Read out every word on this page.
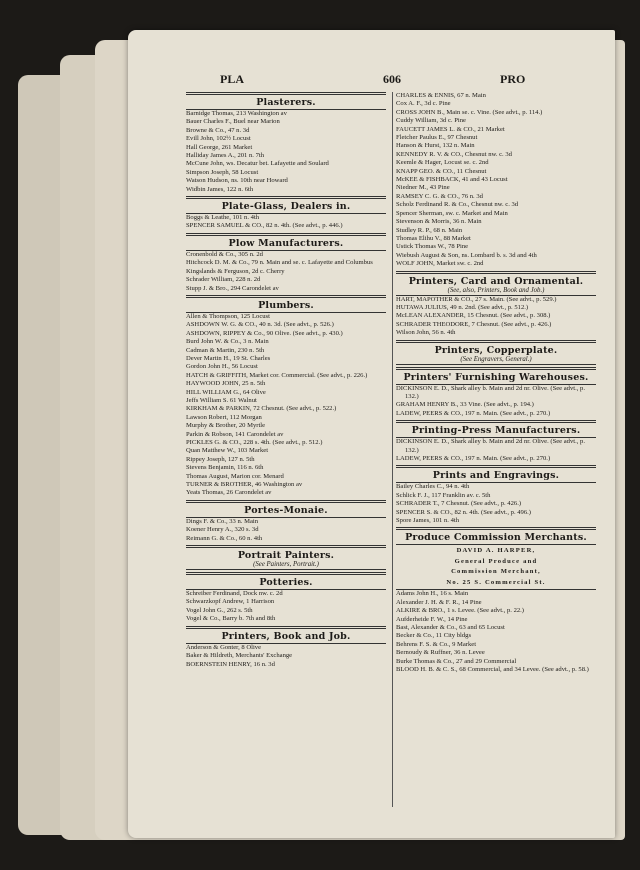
PLA	606	PRO
Plasterers.
Barnidge Thomas, 213 Washington av
Bauer Charles F., Buel near Marion
Browne & Co., 47 n. 3d
Evill John, 102½ Locust
Hall George, 261 Market
Halliday James A., 201 n. 7th
McCune John, ws. Decatur bet. Lafayette and Soulard
Simpson Joseph, 58 Locust
Watson Hudson, ns. 10th near Howard
Widbin James, 122 n. 6th
Plate-Glass, Dealers in.
Boggs & Leathe, 101 n. 4th
SPENCER SAMUEL & CO., 82 n. 4th. (See advt., p. 446.)
Plow Manufacturers.
Cronenbold & Co., 305 n. 2d
Hitchcock D. M. & Co., 79 n. Main and se. c. Lafayette and Columbus
Kingslands & Ferguson, 2d c. Cherry
Schrader William, 228 n. 2d
Stupp J. & Bro., 294 Carondelet av
Plumbers.
Allen & Thompson, 125 Locust
ASHDOWN W. G. & CO., 40 n. 3d. (See advt., p. 526.)
ASHDOWN, RIPPEY & Co., 90 Olive. (See advt., p. 430.)
Burd John W. & Co., 3 n. Main
Cadman & Martin, 230 n. 5th
Dever Martin H., 19 St. Charles
Gordon John H., 56 Locust
HATCH & GRIFFITH, Market cor. Commercial. (See advt., p. 226.)
HAYWOOD JOHN, 25 n. 5th
HILL WILLIAM G., 64 Olive
Jeffs William S. 61 Walnut
KIRKHAM & PARKIN, 72 Chesnut. (See advt., p. 522.)
Lawson Robert, 112 Morgan
Murphy & Brother, 20 Myrtle
Parkin & Robson, 141 Carondelet av
PICKLES G. & CO., 228 s. 4th. (See advt., p. 512.)
Quan Matthew W., 103 Market
Rippey Joseph, 127 n. 5th
Stevens Benjamin, 116 n. 6th
Thomas August, Marion cor. Menard
TURNER & BROTHER, 46 Washington av
Yeats Thomas, 26 Carondelet av
Portes-Monaie.
Dings F. & Co., 33 n. Main
Koener Henry A., 320 s. 3d
Reimann G. & Co., 60 n. 4th
Portrait Painters.
(See Painters, Portrait.)
Potteries.
Schreiber Ferdinand, Dock nw. c. 2d
Schwarzkopf Andrew, 1 Harrison
Vogel John G., 262 s. 5th
Vogel & Co., Barry b. 7th and 8th
Printers, Book and Job.
Anderson & Gonter, 8 Olive
Baker & Hildreth, Merchants' Exchange
BOERNSTEIN HENRY, 16 n. 3d
CHARLES & ENNIS, 67 n. Main
Cox A. F., 3d c. Pine
CROSS JOHN B., Main se. c. Vine. (See advt., p. 114.)
Cuddy William, 3d c. Pine
FAUCETT JAMES L. & CO., 21 Market
Fletcher Paulus E., 97 Chesnut
Hanson & Hurst, 132 n. Main
KENNEDY R. V. & CO., Chesnut nw. c. 3d
Keemle & Hager, Locust se. c. 2nd
KNAPP GEO. & CO., 11 Chesnut
McKEE & FISHBACK, 41 and 43 Locust
Niedner M., 43 Pine
RAMSEY C. G. & CO., 76 n. 3d
Scholz Ferdinand R. & Co., Chesnut nw. c. 3d
Spencer Sherman, sw. c. Market and Main
Stevenson & Morris, 36 n. Main
Studley R. P., 68 n. Main
Thomas Elihu V., 88 Market
Ustick Thomas W., 78 Pine
Wiebush August & Son, ns. Lombard b. s. 3d and 4th
WOLF JOHN, Market sw. c. 2nd
Printers, Card and Ornamental.
(See, also, Printers, Book and Job.)
HART, MAPOTHER & CO., 27 s. Main. (See advt., p. 529.)
HUTAWA JULIUS, 49 n. 2nd. (See advt., p. 512.)
McLEAN ALEXANDER, 15 Chesnut. (See advt., p. 308.)
SCHRADER THEODORE, 7 Chesnut. (See advt., p. 426.)
Wilson John, 56 n. 4th
Printers, Copperplate.
(See Engravers, General.)
Printers' Furnishing Warehouses.
DICKINSON E. D., Shark alley b. Main and 2d nr. Olive. (See advt., p. 132.)
GRAHAM HENRY B., 33 Vine. (See advt., p. 194.)
LADEW, PEERS & CO., 197 n. Main. (See advt., p. 270.)
Printing-Press Manufacturers.
DICKINSON E. D., Shark alley b. Main and 2d nr. Olive. (See advt., p. 132.)
LADEW, PEERS & CO., 197 n. Main. (See advt., p. 270.)
Prints and Engravings.
Bailey Charles C., 94 n. 4th
Schlick F. J., 117 Franklin av. c. 5th
SCHRADER T., 7 Chesnut. (See advt., p. 426.)
SPENCER S. & CO., 82 n. 4th. (See advt., p. 496.)
Spore James, 101 n. 4th
Produce Commission Merchants.
DAVID A. HARPER,
General Produce and
Commission Merchant,
No. 25 S. Commercial St.
Adams John H., 16 s. Main
Alexander J. H. & F. R., 14 Pine
ALKIRE & BRO., 1 s. Levee. (See advt., p. 22.)
Aufderheide F. W., 14 Pine
Bast, Alexander & Co., 63 and 65 Locust
Becker & Co., 11 City bldgs
Behrens F. S. & Co., 9 Market
Bernoudy & Ruffner, 36 n. Levee
Burke Thomas & Co., 27 and 29 Commercial
BLOOD H. B. & C. S., 68 Commercial, and 34 Levee. (See advt., p. 58.)
